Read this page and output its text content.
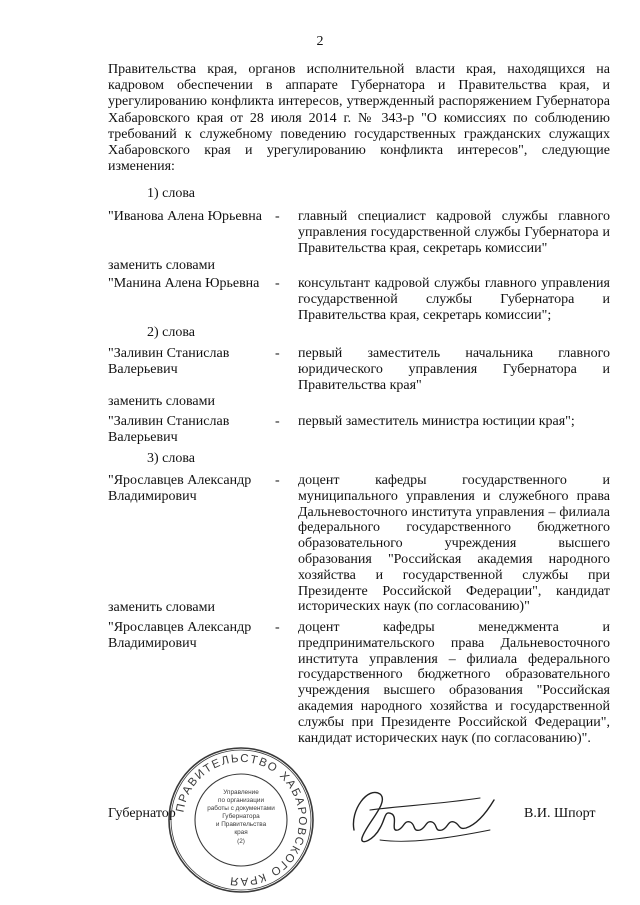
2

Правительства края, органов исполнительной власти края, находящихся на кадровом обеспечении в аппарате Губернатора и Правительства края, и урегулированию конфликта интересов, утвержденный распоряжением Губернатора Хабаровского края от 28 июля 2014 г. № 343-р "О комиссиях по соблюдению требований к служебному поведению государственных гражданских служащих Хабаровского края и урегулированию конфликта интересов", следующие изменения:

1) слова
"Иванова Алена Юрьевна - главный специалист кадровой службы главного управления государственной службы Губернатора и Правительства края, секретарь комиссии"
заменить словами
"Манина Алена Юрьевна	- консультант кадровой службы главного управления государственной службы Губернатора и Правительства края, секретарь комиссии";
2) слова
"Заливин Станислав Валерьевич
- первый заместитель начальника главного юридического управления Губернатора и Правительства края"
заменить словами
"Заливин Станислав Валерьевич
- первый заместитель министра юстиции края";
3) слова
"Ярославцев Александр Владимирович
- доцент кафедры государственного и муниципального управления и служебного права Дальневосточного института управления – филиала федерального государственного бюджетного образовательного учреждения высшего образования "Российская академия народного хозяйства и государственной службы при Президенте Российской Федерации", кандидат исторических наук (по согласованию)"
заменить словами
"Ярославцев Александр Владимирович
- доцент кафедры менеджмента и предпринимательского права Дальневосточного института управления – филиала федерального государственного бюджетного образовательного учреждения высшего образования "Российская академия народного хозяйства и государственной службы при Президенте Российской Федерации", кандидат исторических наук (по согласованию)".
Губернатор	В.И. Шпорт
ПРАВИТЕЛЬСТВО ХАБАРОВСКОГО КРАЯ
Управление
по организации
работы с документами
Губернатора
и Правительства
края
(2)
